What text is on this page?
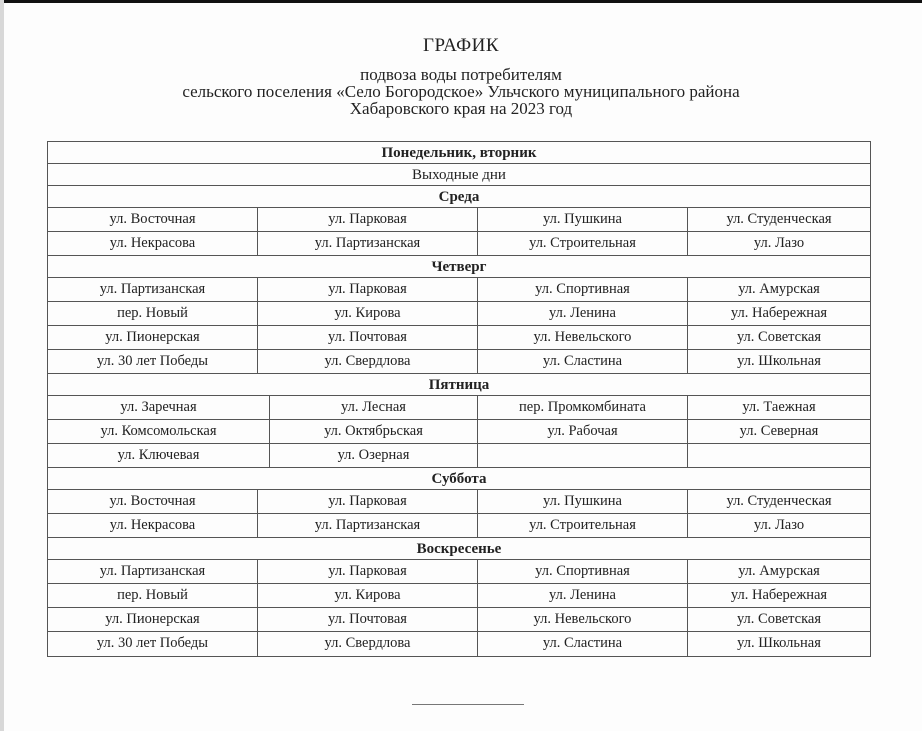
ГРАФИК
подвоза воды потребителям
сельского поселения «Село Богородское» Ульчского муниципального района
Хабаровского края на 2023 год
Понедельник, вторник
Выходные дни
Среда
ул. Восточная	ул. Парковая	ул. Пушкина	ул. Студенческая
ул. Некрасова	ул. Партизанская	ул. Строительная	ул. Лазо
Четверг
ул. Партизанская	ул. Парковая	ул. Спортивная	ул. Амурская
пер. Новый	ул. Кирова	ул. Ленина	ул. Набережная
ул. Пионерская	ул. Почтовая	ул. Невельского	ул. Советская
ул. 30 лет Победы	ул. Свердлова	ул. Сластина	ул. Школьная
Пятница
ул. Заречная	ул. Лесная	пер. Промкомбината	ул. Таежная
ул. Комсомольская	ул. Октябрьская	ул. Рабочая	ул. Северная
ул. Ключевая	ул. Озерная
Суббота
ул. Восточная	ул. Парковая	ул. Пушкина	ул. Студенческая
ул. Некрасова	ул. Партизанская	ул. Строительная	ул. Лазо
Воскресенье
ул. Партизанская	ул. Парковая	ул. Спортивная	ул. Амурская
пер. Новый	ул. Кирова	ул. Ленина	ул. Набережная
ул. Пионерская	ул. Почтовая	ул. Невельского	ул. Советская
ул. 30 лет Победы	ул. Свердлова	ул. Сластина	ул. Школьная
